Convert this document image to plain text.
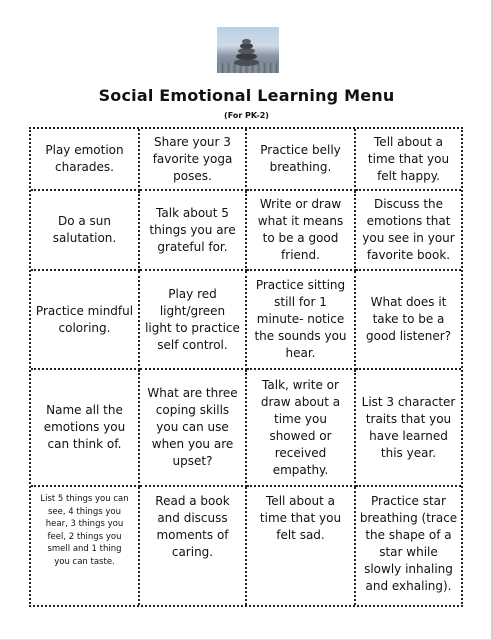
Social Emotional Learning Menu
(For PK-2)
Play emotion
charades.
Share your 3
favorite yoga
poses.
Practice belly
breathing.
Tell about a
time that you
felt happy.
Do a sun
salutation.
Talk about 5
things you are
grateful for.
Write or draw
what it means
to be a good
friend.
Discuss the
emotions that
you see in your
favorite book.
Practice mindful
coloring.
Play red
light/green
light to practice
self control.
Practice sitting
still for 1
minute- notice
the sounds you
hear.
What does it
take to be a
good listener?
Name all the
emotions you
can think of.
What are three
coping skills
you can use
when you are
upset?
Talk, write or
draw about a
time you
showed or
received
empathy.
List 3 character
traits that you
have learned
this year.
List 5 things you can
see, 4 things you
hear, 3 things you
feel, 2 things you
smell and 1 thing
you can taste.
Read a book
and discuss
moments of
caring.
Tell about a
time that you
felt sad.
Practice star
breathing (trace
the shape of a
star while
slowly inhaling
and exhaling).
